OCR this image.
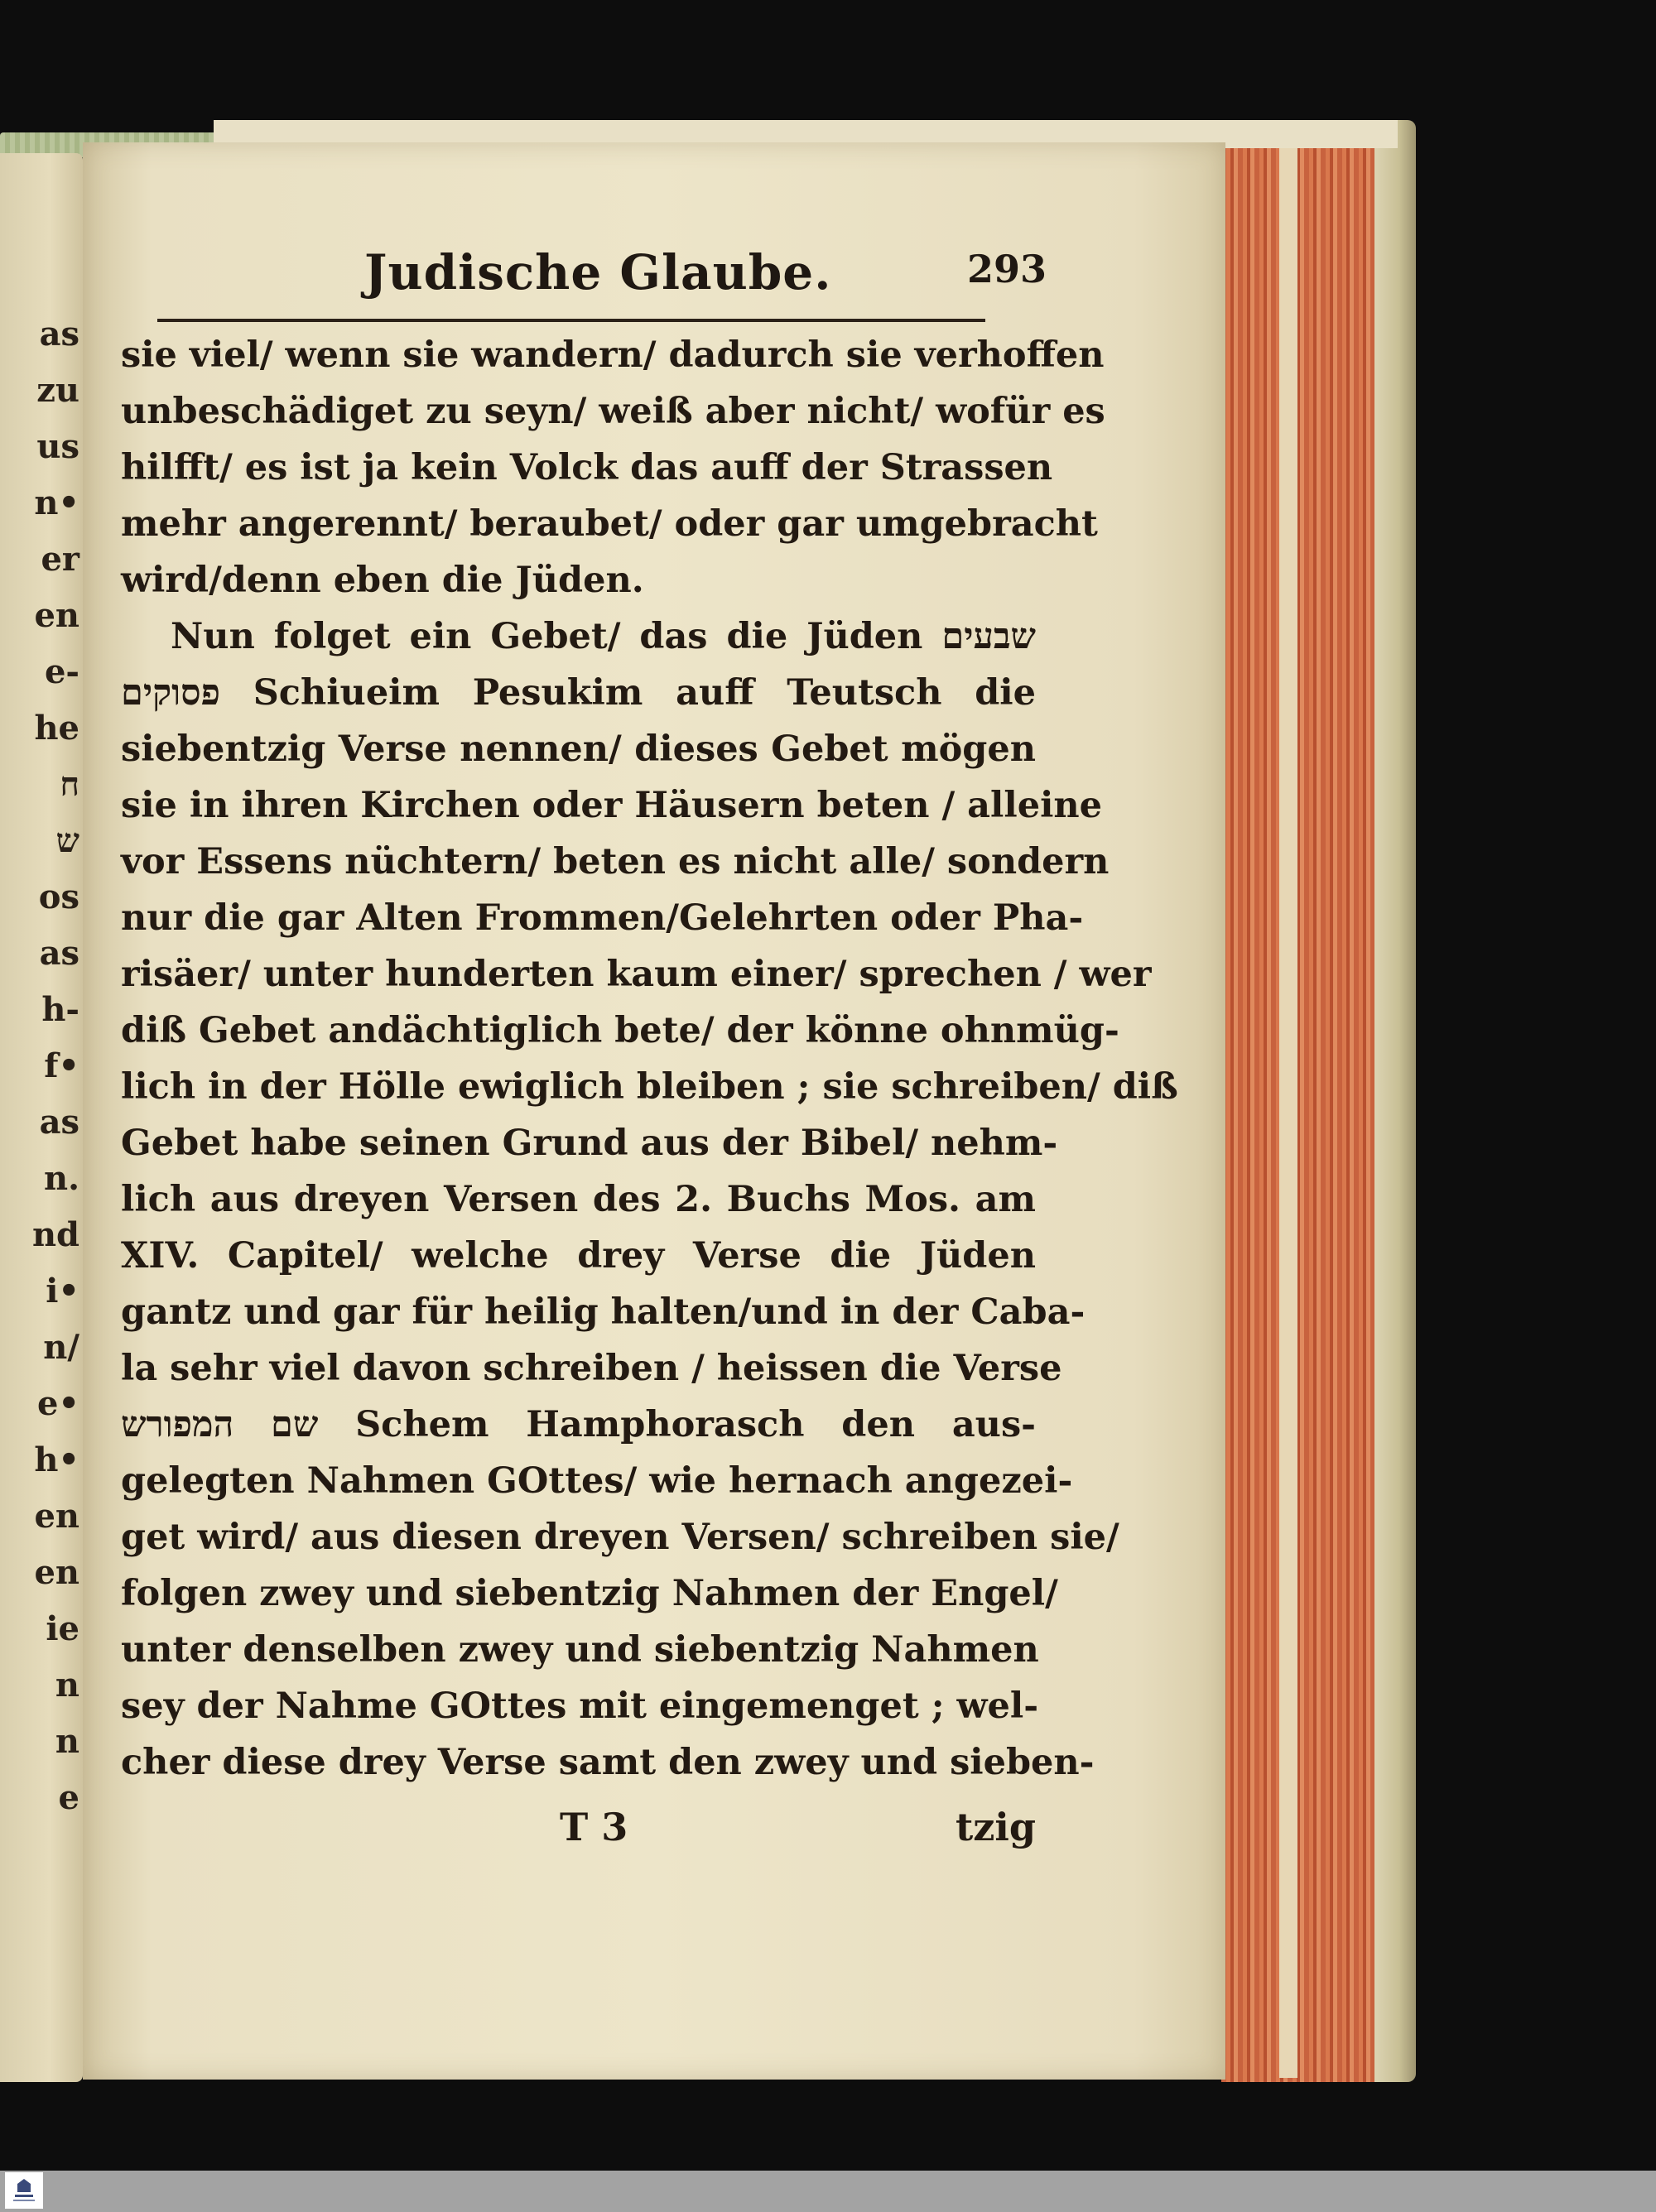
as
zu
us
n•
er
en
e-
he
ח
ש
os
as
h-
f•
as
n.
nd
i•
n/
e•
h•
en
en
ie
n
n
e
Judische Glaube.	293
sie viel/ wenn sie wandern/ dadurch sie verhoffen
unbeschädiget zu seyn/ weiß aber nicht/ wofür es
hilfft/ es ist ja kein Volck das auff der Strassen
mehr angerennt/ beraubet/ oder gar umgebracht
wird/denn eben die Jüden.
Nun folget ein Gebet/ das die Jüden שבעים
פסוקים Schiueim Pesukim auff Teutsch die
siebentzig Verse nennen/ dieses Gebet mögen
sie in ihren Kirchen oder Häusern beten / alleine
vor Essens nüchtern/ beten es nicht alle/ sondern
nur die gar Alten Frommen/Gelehrten oder Pha-
risäer/ unter hunderten kaum einer/ sprechen / wer
diß Gebet andächtiglich bete/ der könne ohnmüg-
lich in der Hölle ewiglich bleiben ; sie schreiben/ diß
Gebet habe seinen Grund aus der Bibel/ nehm-
lich aus dreyen Versen des 2. Buchs Mos. am
XIV. Capitel/ welche drey Verse die Jüden
gantz und gar für heilig halten/und in der Caba-
la sehr viel davon schreiben / heissen die Verse
שם המפורש Schem Hamphorasch den aus-
gelegten Nahmen GOttes/ wie hernach angezei-
get wird/ aus diesen dreyen Versen/ schreiben sie/
folgen zwey und siebentzig Nahmen der Engel/
unter denselben zwey und siebentzig Nahmen
sey der Nahme GOttes mit eingemenget ; wel-
cher diese drey Verse samt den zwey und sieben-
T 3	tzig
